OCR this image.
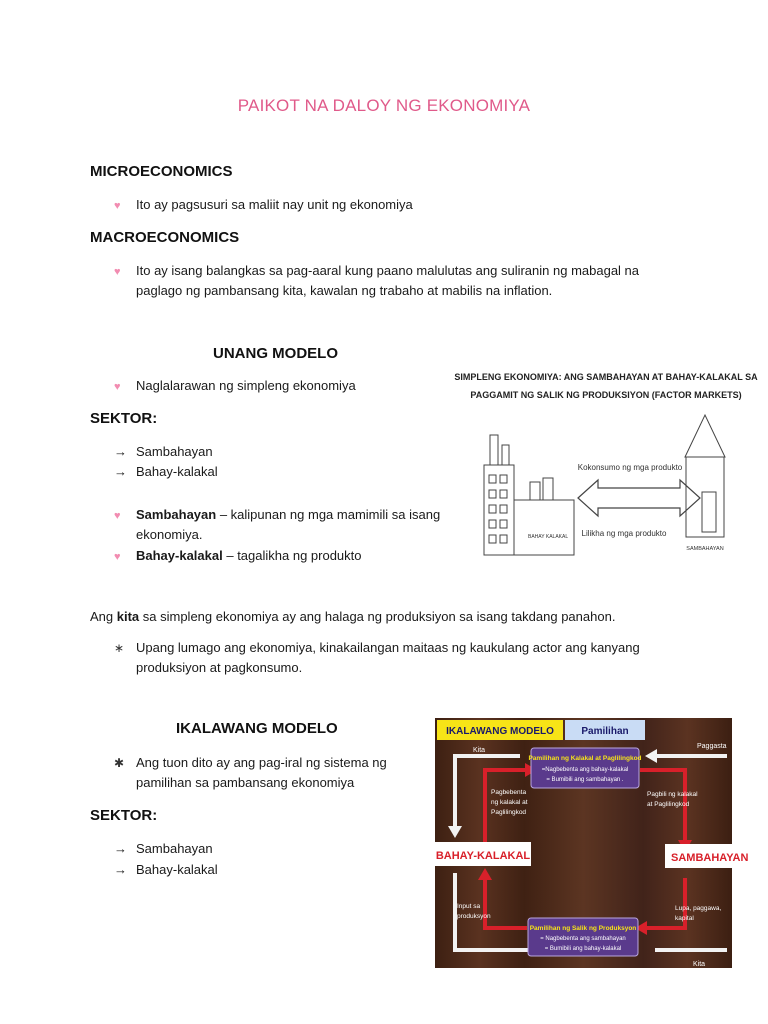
PAIKOT NA DALOY NG EKONOMIYA
MICROECONOMICS
♥ Ito ay pagsusuri sa maliit nay unit ng ekonomiya
MACROECONOMICS
♥ Ito ay isang balangkas sa pag-aaral kung paano malulutas ang suliranin ng mabagal na
paglago ng pambansang kita, kawalan ng trabaho at mabilis na inflation.
UNANG MODELO
♥ Naglalarawan ng simpleng ekonomiya
SEKTOR:
→ Sambahayan
→ Bahay-kalakal
♥ Sambahayan – kalipunan ng mga mamimili sa isang
ekonomiya.
♥ Bahay-kalakal – tagalikha ng produkto
SIMPLENG EKONOMIYA: ANG SAMBAHAYAN AT BAHAY-KALAKAL SA
PAGGAMIT NG SALIK NG PRODUKSIYON (FACTOR MARKETS)
BAHAY KALAKAL
Kokonsumo ng mga produkto
Lilikha ng mga produkto
SAMBAHAYAN
Ang kita sa simpleng ekonomiya ay ang halaga ng produksiyon sa isang takdang panahon.
∗ Upang lumago ang ekonomiya, kinakailangan maitaas ng kaukulang actor ang kanyang
produksiyon at pagkonsumo.
IKALAWANG MODELO
✱ Ang tuon dito ay ang pag-iral ng sistema ng
pamilihan sa pambansang ekonomiya
SEKTOR:
→ Sambahayan
→ Bahay-kalakal
IKALAWANG MODELO	Pamilihan
Kita
Paggasta
Pamilihan ng Kalakal at Paglilingkod
=Nagbebenta ang bahay-kalakal
= Bumibili ang sambahayan .
Pagbebenta
ng kalakal at
Paglilingkod
Pagbili ng kalakal
at Paglilingkod
BAHAY-KALAKAL	SAMBAHAYAN
Input sa
produksyon
Lupa, paggawa,
kapital
Pamilihan ng Salik ng Produksyon
= Nagbebenta ang sambahayan
= Bumibili ang bahay-kalakal
Kita
